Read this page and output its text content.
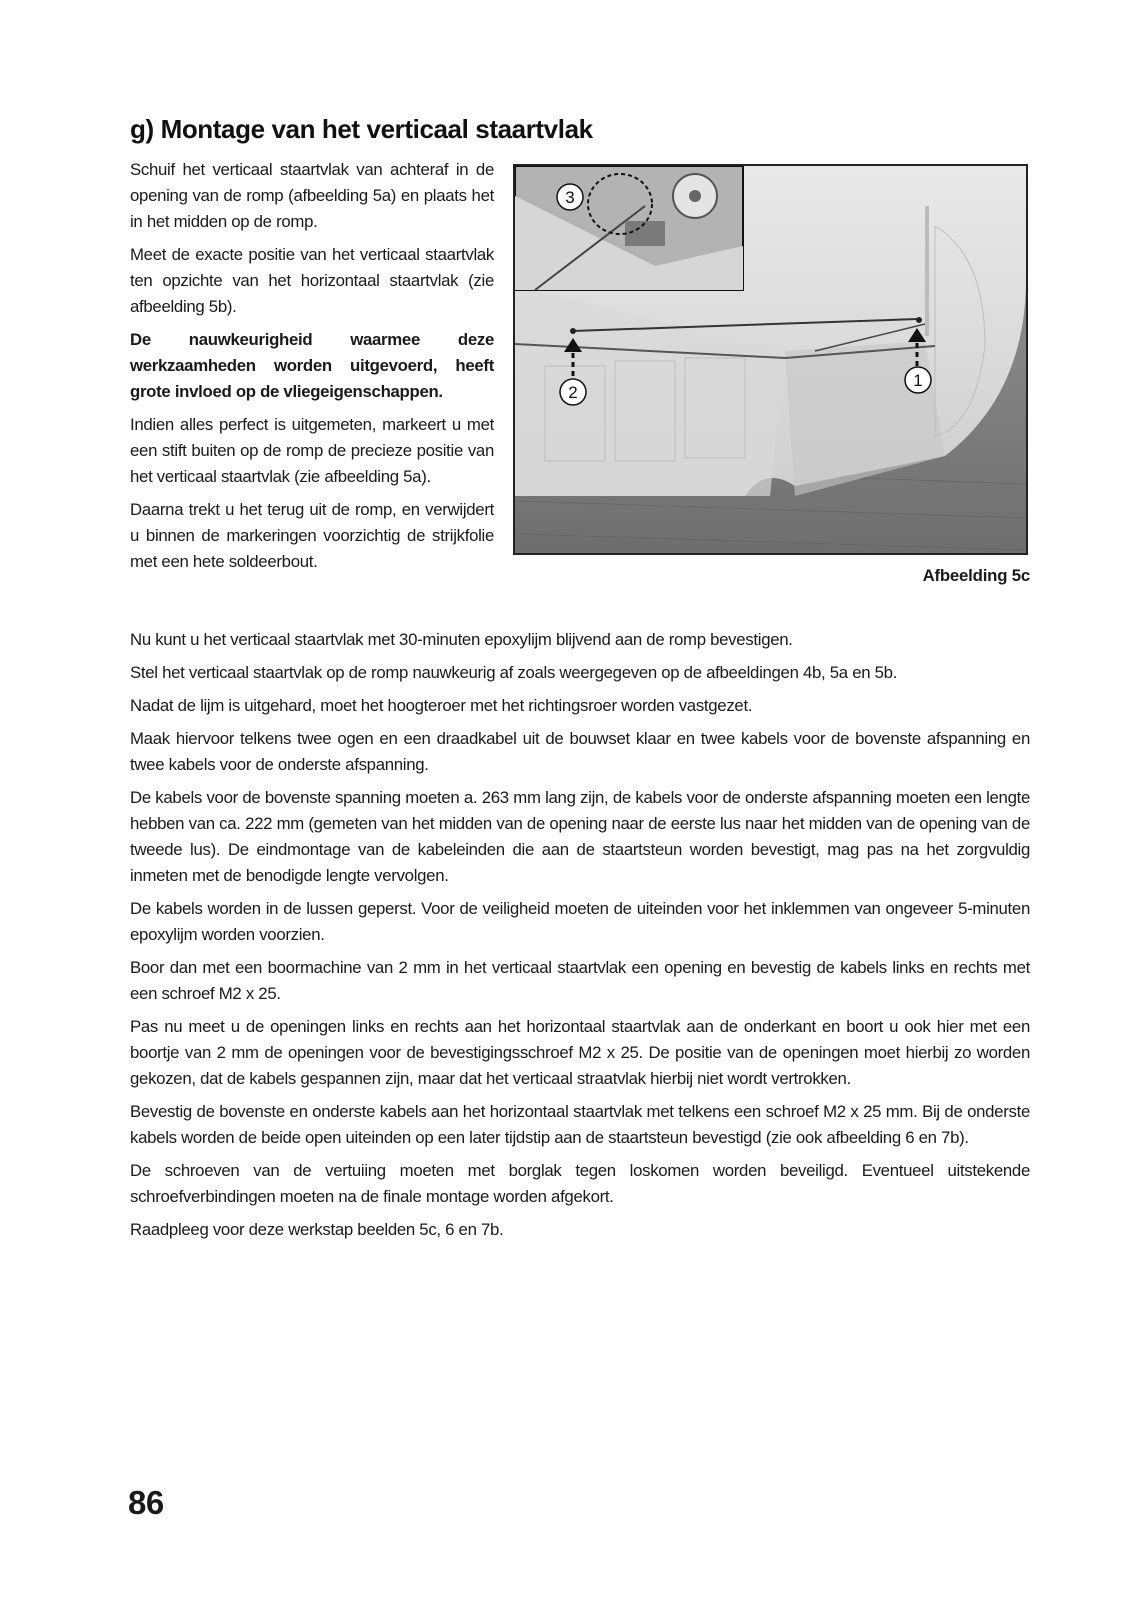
g) Montage van het verticaal staartvlak

Schuif het verticaal staartvlak van achteraf in de opening van de romp (afbeelding 5a) en plaats het in het midden op de romp.

Meet de exacte positie van het verticaal staartvlak ten opzichte van het horizontaal staartvlak (zie afbeelding 5b).

De nauwkeurigheid waarmee deze werkzaamheden worden uitgevoerd, heeft grote invloed op de vliegeigenschappen.

Indien alles perfect is uitgemeten, markeert u met een stift buiten op de romp de precieze positie van het verticaal staartvlak (zie afbeelding 5a).

Daarna trekt u het terug uit de romp, en verwijdert u binnen de markeringen voorzichtig de strijkfolie met een hete soldeerbout.

3
2
1
Afbeelding 5c

Nu kunt u het verticaal staartvlak met 30-minuten epoxylijm blijvend aan de romp bevestigen.

Stel het verticaal staartvlak op de romp nauwkeurig af zoals weergegeven op de afbeeldingen 4b, 5a en 5b.

Nadat de lijm is uitgehard, moet het hoogteroer met het richtingsroer worden vastgezet.

Maak hiervoor telkens twee ogen en een draadkabel uit de bouwset klaar en twee kabels voor de bovenste afspanning en twee kabels voor de onderste afspanning.

De kabels voor de bovenste spanning moeten a. 263 mm lang zijn, de kabels voor de onderste afspanning moeten een lengte hebben van ca. 222 mm (gemeten van het midden van de opening naar de eerste lus naar het midden van de opening van de tweede lus). De eindmontage van de kabeleinden die aan de staartsteun worden bevestigt, mag pas na het zorgvuldig inmeten met de benodigde lengte vervolgen.

De kabels worden in de lussen geperst. Voor de veiligheid moeten de uiteinden voor het inklemmen van ongeveer 5-minuten epoxylijm worden voorzien.

Boor dan met een boormachine van 2 mm in het verticaal staartvlak een opening en bevestig de kabels links en rechts met een schroef M2 x 25.

Pas nu meet u de openingen links en rechts aan het horizontaal staartvlak aan de onderkant en boort u ook hier met een boortje van 2 mm de openingen voor de bevestigingsschroef M2 x 25. De positie van de openingen moet hierbij zo worden gekozen, dat de kabels gespannen zijn, maar dat het verticaal straatvlak hierbij niet wordt vertrokken.

Bevestig de bovenste en onderste kabels aan het horizontaal staartvlak met telkens een schroef M2 x 25 mm. Bij de onderste kabels worden de beide open uiteinden op een later tijdstip aan de staartsteun bevestigd (zie ook afbeelding 6 en 7b).

De schroeven van de vertuiing moeten met borglak tegen loskomen worden beveiligd. Eventueel uitstekende schroefverbindingen moeten na de finale montage worden afgekort.

Raadpleeg voor deze werkstap beelden 5c, 6 en 7b.

86
